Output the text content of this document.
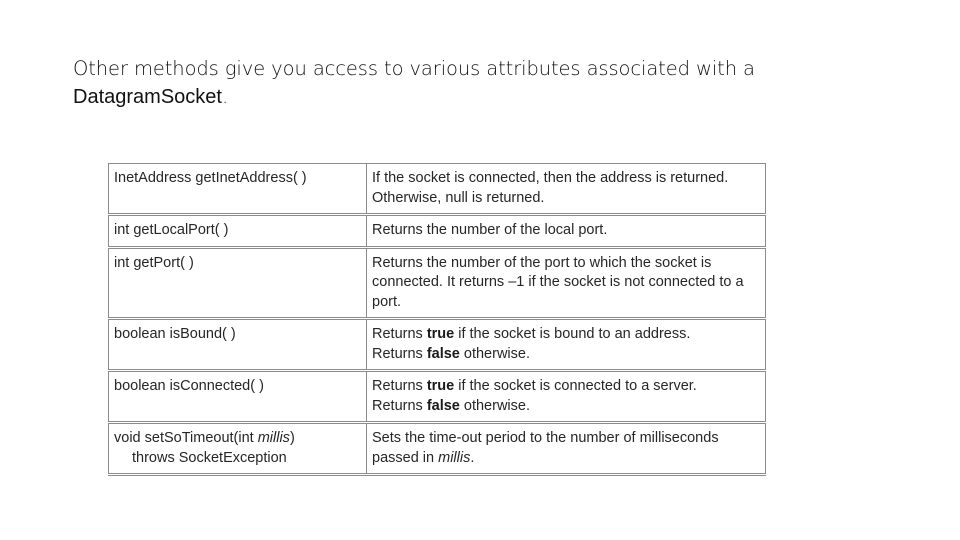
Other methods give you access to various attributes associated with a
DatagramSocket.
InetAddress getInetAddress( )	If the socket is connected, then the address is returned.
Otherwise, null is returned.

int getLocalPort( )	Returns the number of the local port.
int getPort( )	Returns the number of the port to which the socket is connected. It returns –1 if the socket is not connected to a port.
boolean isBound( )	Returns true if the socket is bound to an address.
Returns false otherwise.

boolean isConnected( )	Returns true if the socket is connected to a server.
Returns false otherwise.

void setSoTimeout(int millis)
throws SocketException	Sets the time-out period to the number of milliseconds passed in millis.
